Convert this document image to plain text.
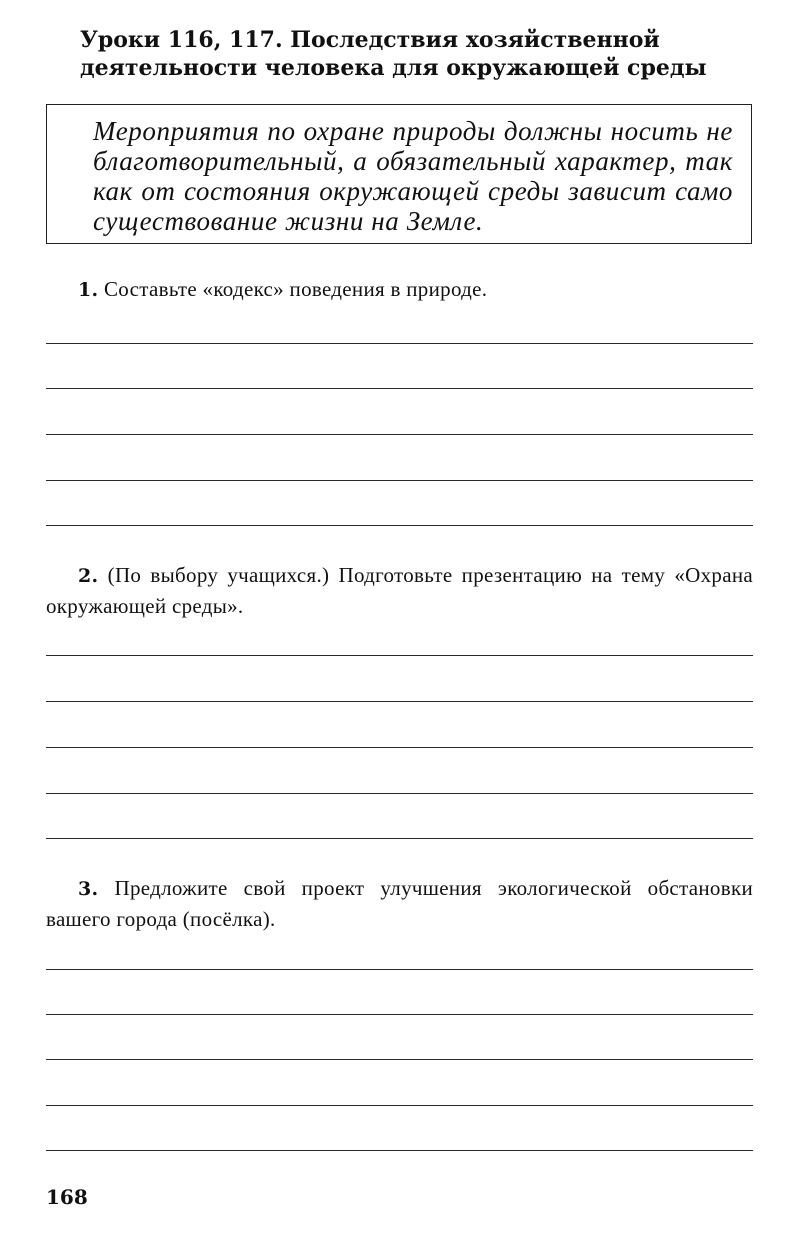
Уроки 116, 117. Последствия хозяйственной
деятельности человека для окружающей среды
Мероприятия по охране природы должны носить не благотворительный, а обязательный характер, так как от состояния окружающей среды зависит само существование жизни на Земле.

1. Составьте «кодекс» поведения в природе.

2. (По выбору учащихся.) Подготовьте презентацию на тему «Охрана окружающей среды».

3. Предложите свой проект улучшения экологической обстановки вашего города (посёлка).

168
